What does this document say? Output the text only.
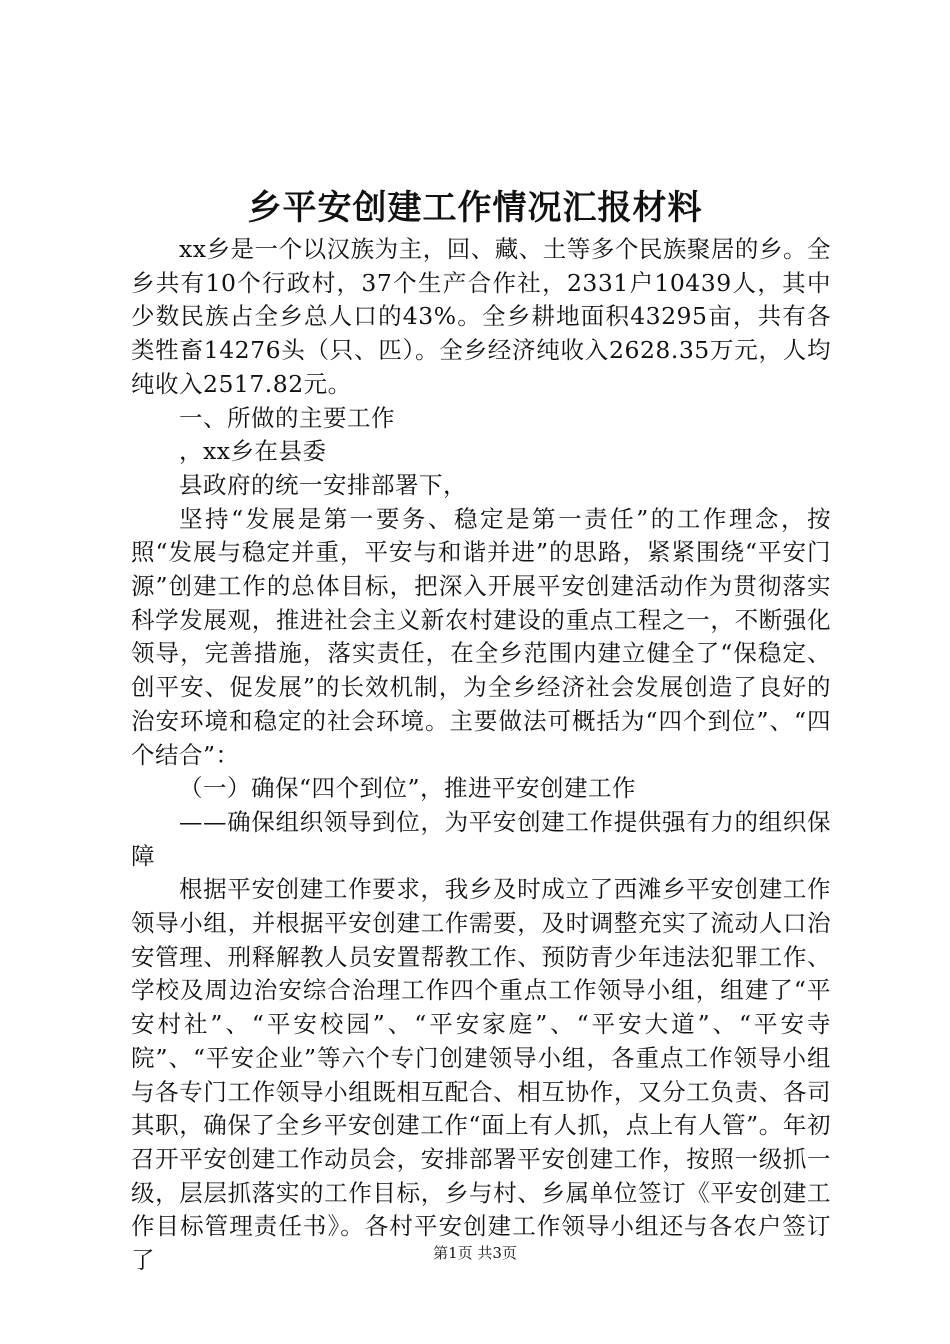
乡平安创建工作情况汇报材料

xx乡是一个以汉族为主，回、藏、土等多个民族聚居的乡。全乡共有10个行政村，37个生产合作社，2331户10439人，其中少数民族占全乡总人口的43%。全乡耕地面积43295亩，共有各类牲畜14276头（只、匹）。全乡经济纯收入2628.35万元，人均纯收入2517.82元。

一、所做的主要工作

，xx乡在县委

县政府的统一安排部署下，

坚持“发展是第一要务、稳定是第一责任”的工作理念，按照“发展与稳定并重，平安与和谐并进”的思路，紧紧围绕“平安门源”创建工作的总体目标，把深入开展平安创建活动作为贯彻落实科学发展观，推进社会主义新农村建设的重点工程之一，不断强化领导，完善措施，落实责任，在全乡范围内建立健全了“保稳定、创平安、促发展”的长效机制，为全乡经济社会发展创造了良好的治安环境和稳定的社会环境。主要做法可概括为“四个到位”、“四个结合”：

（一）确保“四个到位”，推进平安创建工作

——确保组织领导到位，为平安创建工作提供强有力的组织保障

根据平安创建工作要求，我乡及时成立了西滩乡平安创建工作领导小组，并根据平安创建工作需要，及时调整充实了流动人口治安管理、刑释解教人员安置帮教工作、预防青少年违法犯罪工作、学校及周边治安综合治理工作四个重点工作领导小组，组建了“平安村社”、“平安校园”、“平安家庭”、“平安大道”、“平安寺院”、“平安企业”等六个专门创建领导小组，各重点工作领导小组与各专门工作领导小组既相互配合、相互协作，又分工负责、各司其职，确保了全乡平安创建工作“面上有人抓，点上有人管”。年初召开平安创建工作动员会，安排部署平安创建工作，按照一级抓一级，层层抓落实的工作目标，乡与村、乡属单位签订《平安创建工作目标管理责任书》。各村平安创建工作领导小组还与各农户签订了	第1页 共3页
